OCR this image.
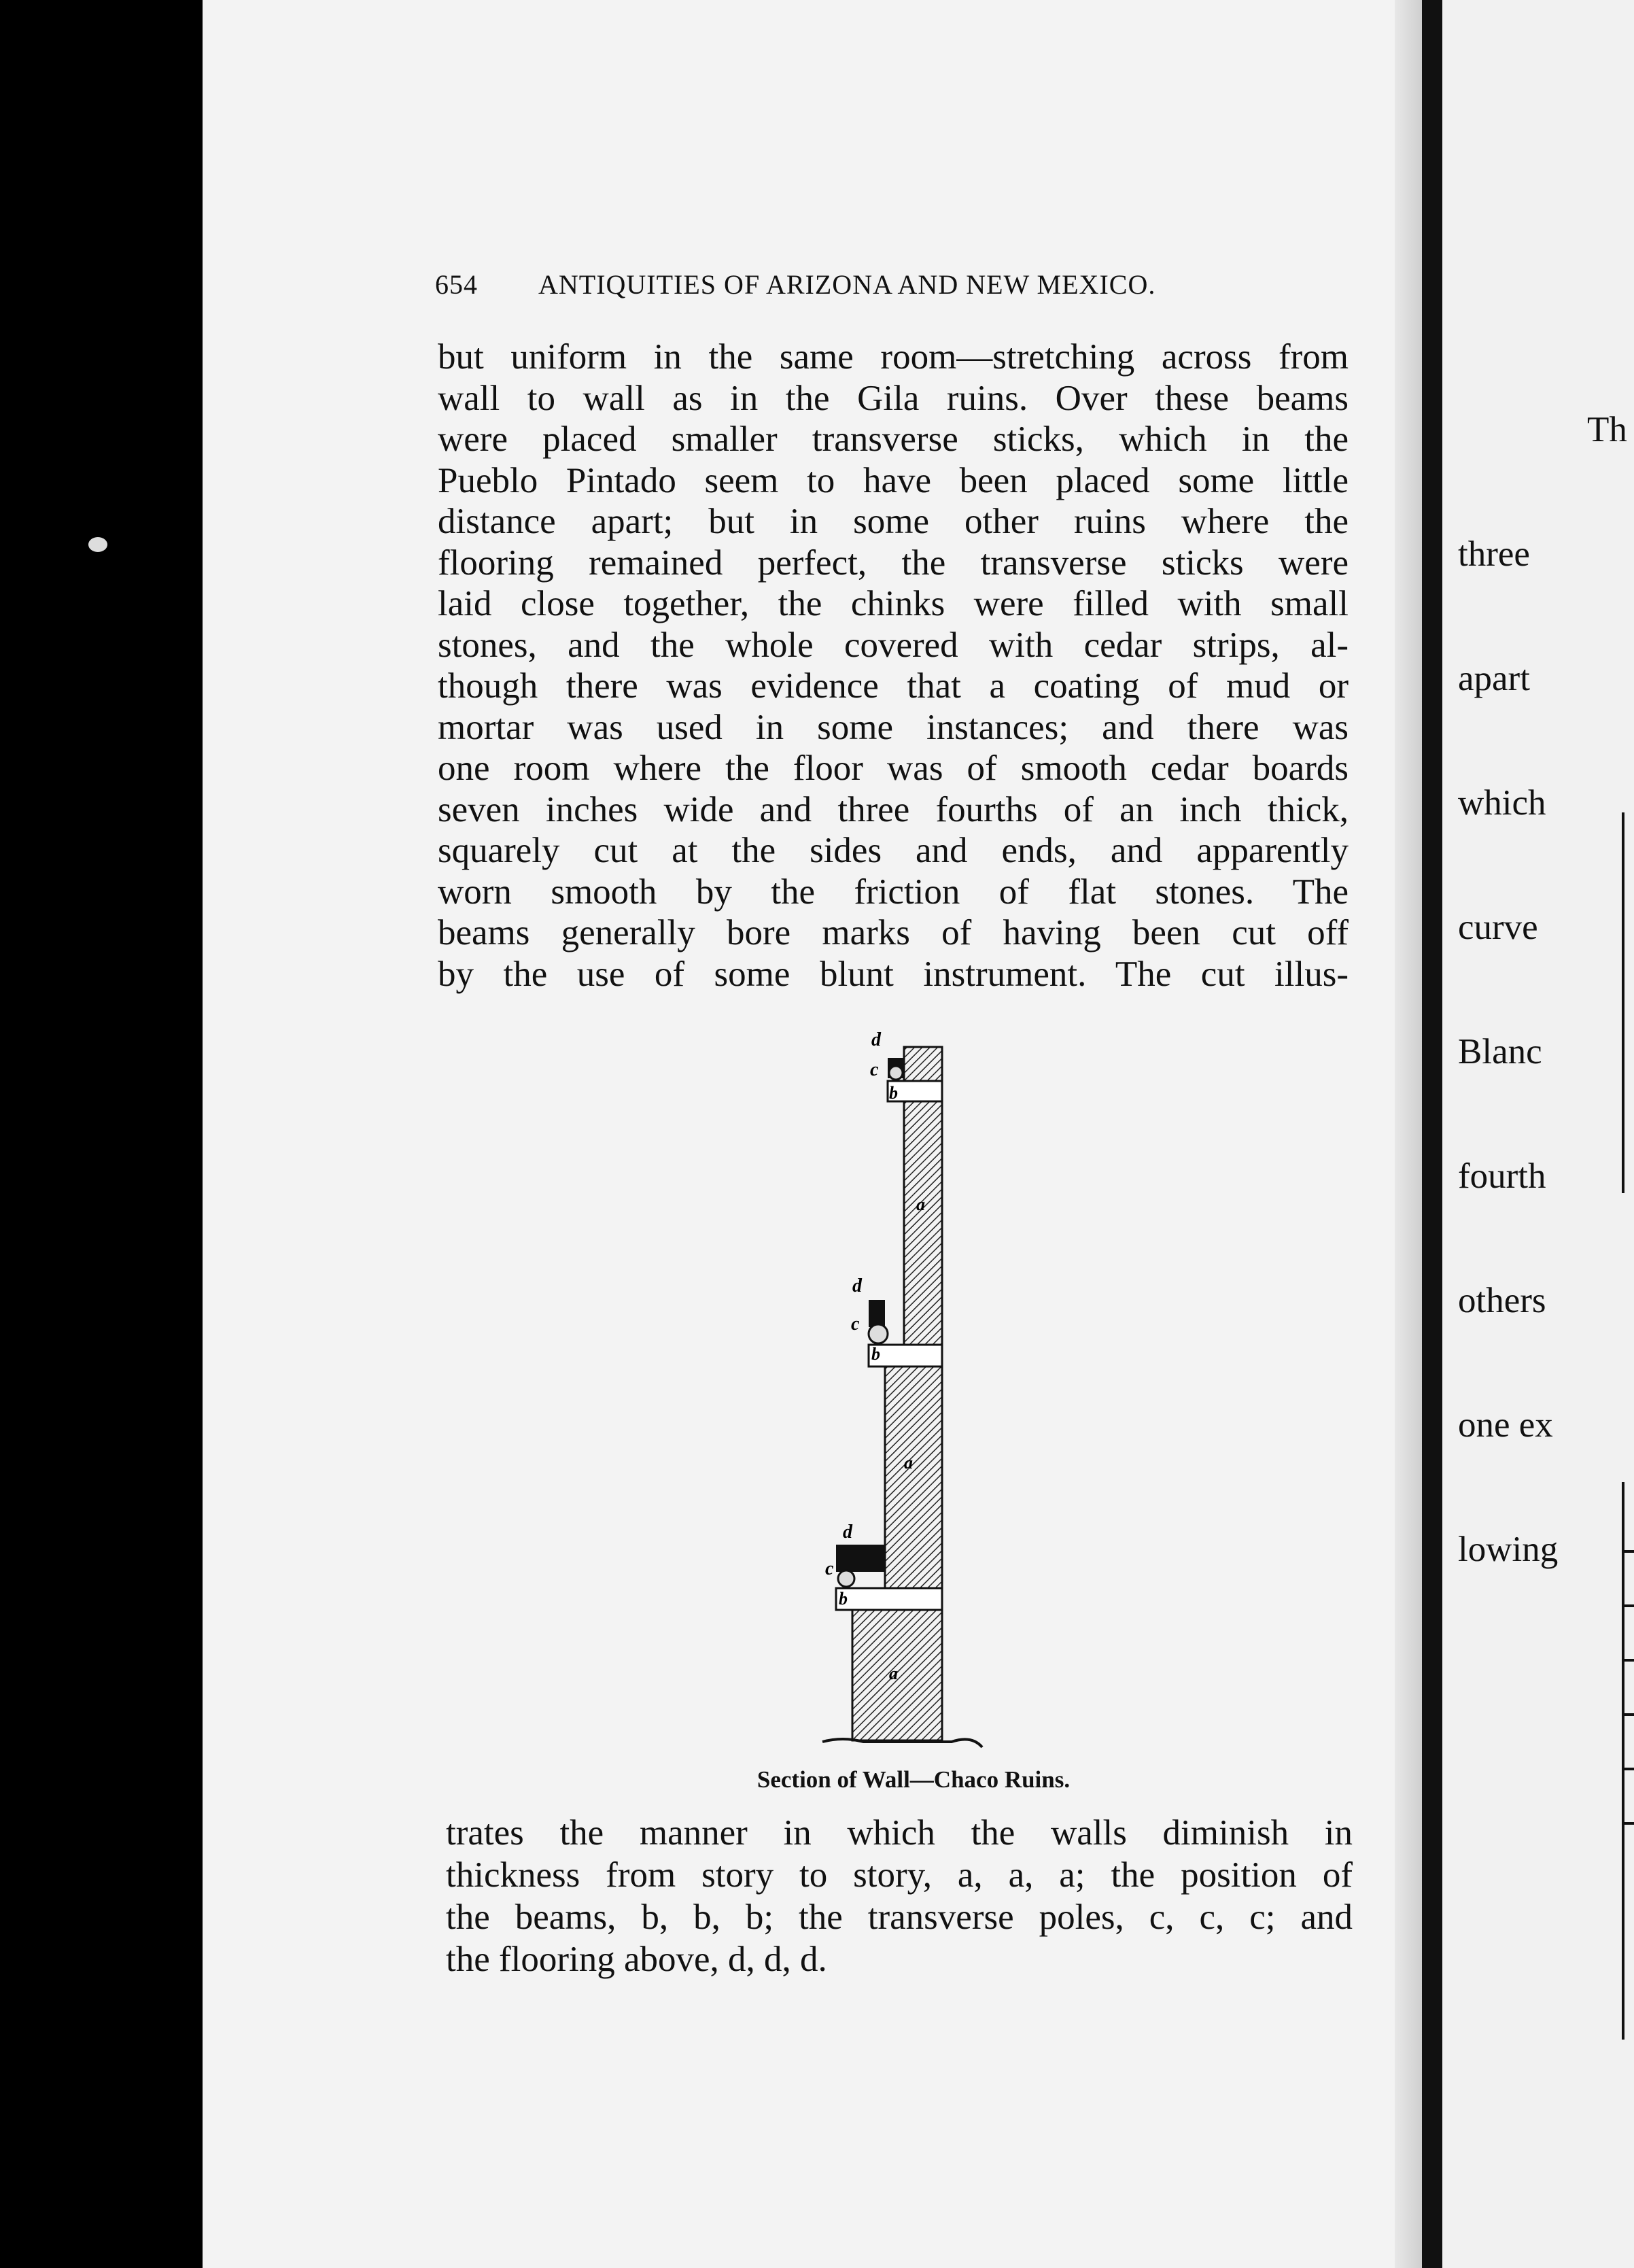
654 ANTIQUITIES OF ARIZONA AND NEW MEXICO.
but uniform in the same room—stretching across from
wall to wall as in the Gila ruins. Over these beams
were placed smaller transverse sticks, which in the
Pueblo Pintado seem to have been placed some little
distance apart; but in some other ruins where the
flooring remained perfect, the transverse sticks were
laid close together, the chinks were filled with small
stones, and the whole covered with cedar strips, al-
though there was evidence that a coating of mud or
mortar was used in some instances; and there was
one room where the floor was of smooth cedar boards
seven inches wide and three fourths of an inch thick,
squarely cut at the sides and ends, and apparently
worn smooth by the friction of flat stones. The
beams generally bore marks of having been cut off
by the use of some blunt instrument. The cut illus-
d
c
b
a
d
c
b
a
d
c
b
a
Section of Wall—Chaco Ruins.
trates the manner in which the walls diminish in
thickness from story to story, a, a, a; the position of
the beams, b, b, b; the transverse poles, c, c, c; and
the flooring above, d, d, d.

Th

three

apart

which

curve

Blanc

fourth

others

one ex

lowing
